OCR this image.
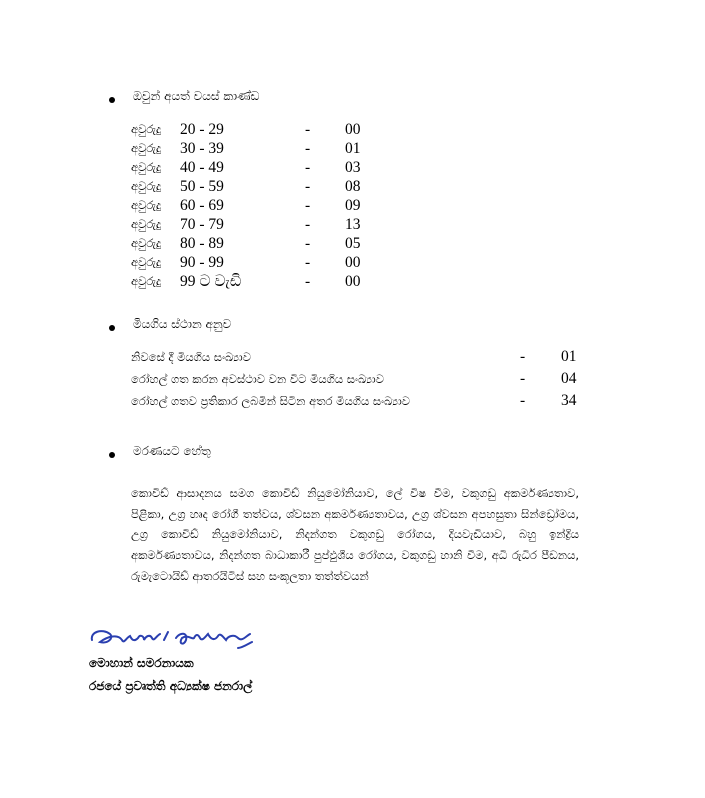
ඔවුන් අයත් වයස් කාණ්ඩ
අවුරුදු 20 - 29	- 00
අවුරුදු 30 - 39	- 01
අවුරුදු 40 - 49	- 03
අවුරුදු 50 - 59	- 08
අවුරුදු 60 - 69	- 09
අවුරුදු 70 - 79	- 13
අවුරුදු 80 - 89	- 05
අවුරුදු 90 - 99	- 00
අවුරුදු 99 ට වැඩි	- 00
මියගිය ස්ථාන අනුව
නිවසේ දී මියගිය සංඛ්‍යාව	- 01
රෝහල් ගත කරන අවස්ථාව වන විට මියගිය සංඛ්‍යාව	- 04
රෝහල් ගතව ප්‍රතිකාර ලබමින් සිටින අතර මියගිය සංඛ්‍යාව	- 34
මරණයට හේතු
කොවිඩ් ආසාදනය සමග කොවිඩ් නියුමෝනියාව, ලේ විෂ වීම, වකුගඩු අකර්මණ්‍යතාව, පිළිකා, උග්‍ර හෘද රෝගී තත්වය, ශ්වසන අකර්මණ්‍යතාවය, උග්‍ර ශ්වසන අපහසුතා සින්ඩ්‍රෝමය, උග්‍ර කොවිඩ් නියුමෝනියාව, නිදන්ගත වකුගඩු රෝගය, දියවැඩියාව, බහු ඉන්ද්‍රිය අකර්මණ්‍යතාවය, නිදන්ගත බාධාකාරී පුප්ඵුශීය රෝගය, වකුගඩු හානි වීම, අධි රුධිර පීඩනය, රුමැටොයිඩ් ආතරයිටිස් සහ සංකූලතා තත්ත්වයන්
මොහාන් සමරනායක
රජයේ ප්‍රවෘත්ති අධ්‍යක්ෂ ජනරාල්
